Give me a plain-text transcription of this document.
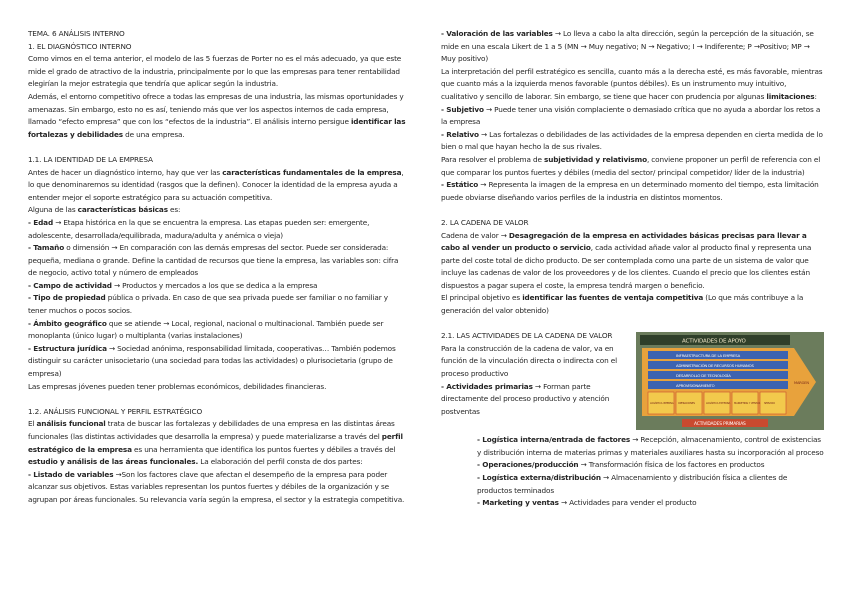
TEMA. 6 ANÁLISIS INTERNO

1. EL DIAGNÓSTICO INTERNO

Como vimos en el tema anterior, el modelo de las 5 fuerzas de Porter no es el más adecuado, ya que este mide el grado de atractivo de la industria, principalmente por lo que las empresas para tener rentabilidad elegirían la mejor estrategia que tendría que aplicar según la industria.

Además, el entorno competitivo ofrece a todas las empresas de una industria, las mismas oportunidades y amenazas. Sin embargo, esto no es así, teniendo más que ver los aspectos internos de cada empresa, llamado “efecto empresa” que con los “efectos de la industria”. El análisis interno persigue identificar las fortalezas y debilidades de una empresa.

1.1. LA IDENTIDAD DE LA EMPRESA

Antes de hacer un diagnóstico interno, hay que ver las características fundamentales de la empresa, lo que denominaremos su identidad (rasgos que la definen). Conocer la identidad de la empresa ayuda a entender mejor el soporte estratégico para su actuación competitiva.

Alguna de las características básicas es:

- Edad → Etapa histórica en la que se encuentra la empresa. Las etapas pueden ser: emergente, adolescente, desarrollada/equilibrada, madura/adulta y anémica o vieja)

- Tamaño o dimensión → En comparación con las demás empresas del sector. Puede ser considerada: pequeña, mediana o grande. Define la cantidad de recursos que tiene la empresa, las variables son: cifra de negocio, activo total y número de empleados

- Campo de actividad → Productos y mercados a los que se dedica a la empresa

- Tipo de propiedad pública o privada. En caso de que sea privada puede ser familiar o no familiar y tener muchos o pocos socios.

- Ámbito geográfico que se atiende → Local, regional, nacional o multinacional. También puede ser monoplanta (único lugar) o multiplanta (varias instalaciones)

- Estructura jurídica → Sociedad anónima, responsabilidad limitada, cooperativas… También podemos distinguir su carácter unisocietario (una sociedad para todas las actividades) o plurisocietaria (grupo de empresa)

Las empresas jóvenes pueden tener problemas económicos, debilidades financieras.

1.2. ANÁLISIS FUNCIONAL Y PERFIL ESTRATÉGICO

El análisis funcional trata de buscar las fortalezas y debilidades de una empresa en las distintas áreas funcionales (las distintas actividades que desarrolla la empresa) y puede materializarse a través del perfil estratégico de la empresa es una herramienta que identifica los puntos fuertes y débiles a través del estudio y análisis de las áreas funcionales. La elaboración del perfil consta de dos partes:

- Listado de variables →Son los factores clave que afectan el desempeño de la empresa para poder alcanzar sus objetivos. Estas variables representan los puntos fuertes y débiles de la organización y se agrupan por áreas funcionales. Su relevancia varía según la empresa, el sector y la estrategia competitiva.

- Valoración de las variables → Lo lleva a cabo la alta dirección, según la percepción de la situación, se mide en una escala Likert de 1 a 5 (MN → Muy negativo; N → Negativo; I → Indiferente; P →Positivo; MP → Muy positivo)

La interpretación del perfil estratégico es sencilla, cuanto más a la derecha esté, es más favorable, mientras que cuanto más a la izquierda menos favorable (puntos débiles). Es un instrumento muy intuitivo, cualitativo y sencillo de laborar. Sin embargo, se tiene que hacer con prudencia por algunas limitaciones:

- Subjetivo → Puede tener una visión complaciente o demasiado crítica que no ayuda a abordar los retos a la empresa

- Relativo → Las fortalezas o debilidades de las actividades de la empresa dependen en cierta medida de lo bien o mal que hayan hecho la de sus rivales.

Para resolver el problema de subjetividad y relativismo, conviene proponer un perfil de referencia con el que comparar los puntos fuertes y débiles (media del sector/ principal competidor/ líder de la industria)

- Estático → Representa la imagen de la empresa en un determinado momento del tiempo, esta limitación puede obviarse diseñando varios perfiles de la industria en distintos momentos.

2. LA CADENA DE VALOR

Cadena de valor → Desagregación de la empresa en actividades básicas precisas para llevar a cabo al vender un producto o servicio, cada actividad añade valor al producto final y representa una parte del coste total de dicho producto. De ser contemplada como una parte de un sistema de valor que incluye las cadenas de valor de los proveedores y de los clientes. Cuando el precio que los clientes están dispuestos a pagar supera el coste, la empresa tendrá margen o beneficio.

El principal objetivo es identificar las fuentes de ventaja competitiva (Lo que más contribuye a la generación del valor obtenido)

ACTIVIDADES DE APOYO
INFRAESTRUCTURA DE LA EMPRESA
ADMINISTRACIÓN DE RECURSOS HUMANOS
DESARROLLO DE TECNOLOGÍA
APROVISIONAMIENTO
LOGÍSTICA INTERNA OPERACIONES	LOGÍSTICA EXTERNA MARKETING Y VENTAS SERVICIO
MARGEN
ACTIVIDADES PRIMARIAS

2.1. LAS ACTIVIDADES DE LA CADENA DE VALOR

Para la construcción de la cadena de valor, va en función de la vinculación directa o indirecta con el proceso productivo

- Actividades primarias → Forman parte directamente del proceso productivo y atención postventas

- Logística interna/entrada de factores → Recepción, almacenamiento, control de existencias y distribución interna de materias primas y materiales auxiliares hasta su incorporación al proceso

- Operaciones/producción → Transformación física de los factores en productos

- Logística externa/distribución → Almacenamiento y distribución física a clientes de productos terminados

- Marketing y ventas → Actividades para vender el producto
